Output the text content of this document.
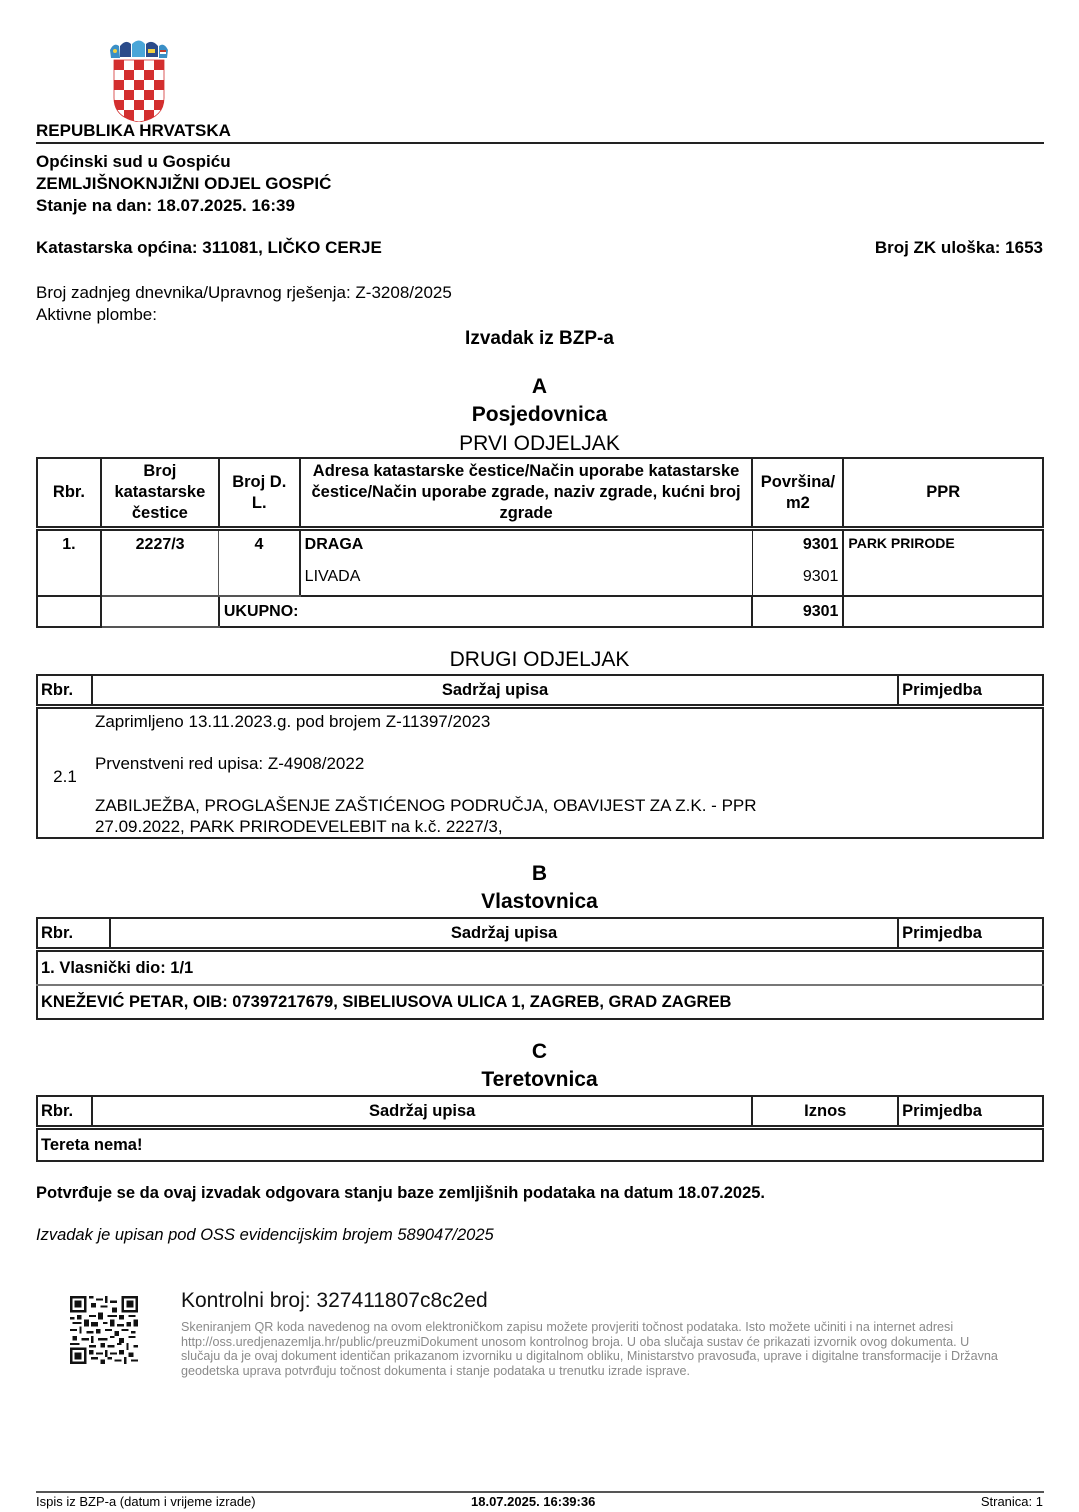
REPUBLIKA HRVATSKA
Općinski sud u Gospiću
ZEMLJIŠNOKNJIŽNI ODJEL GOSPIĆ
Stanje na dan: 18.07.2025. 16:39
Katastarska općina: 311081, LIČKO CERJE	Broj ZK uloška: 1653
Broj zadnjeg dnevnika/Upravnog rješenja: Z-3208/2025
Aktivne plombe:
Izvadak iz BZP-a
A
Posjedovnica
PRVI ODJELJAK
Rbr.	Broj katastarske čestice	Broj D. L.	Adresa katastarske čestice/Način uporabe katastarske čestice/Način uporabe zgrade, naziv zgrade, kućni broj zgrade	Površina/ m2	PPR
1.	2227/3	4	DRAGA	9301	PARK PRIRODE
			LIVADA	9301	
		UKUPNO:		9301	
DRUGI ODJELJAK
Rbr.	Sadržaj upisa	Primjedba
2.1	Zaprimljeno 13.11.2023.g. pod brojem Z-11397/2023
Prvenstveni red upisa: Z-4908/2022
ZABILJEŽBA, PROGLAŠENJE ZAŠTIĆENOG PODRUČJA, OBAVIJEST ZA Z.K. - PPR
27.09.2022, PARK PRIRODEVELEBIT na k.č. 2227/3,	

B
Vlastovnica
Rbr.	Sadržaj upisa	Primjedba
1. Vlasnički dio: 1/1
KNEŽEVIĆ PETAR, OIB: 07397217679, SIBELIUSOVA ULICA 1, ZAGREB, GRAD ZAGREB
C
Teretovnica
Rbr.	Sadržaj upisa	Iznos	Primjedba
Tereta nema!
Potvrđuje se da ovaj izvadak odgovara stanju baze zemljišnih podataka na datum 18.07.2025.
Izvadak je upisan pod OSS evidencijskim brojem 589047/2025
Kontrolni broj: 327411807c8c2ed
Skeniranjem QR koda navedenog na ovom elektroničkom zapisu možete provjeriti točnost podataka. Isto možete učiniti i na internet adresi http://oss.uredjenazemlja.hr/public/preuzmiDokument unosom kontrolnog broja. U oba slučaja sustav će prikazati izvornik ovog dokumenta. U slučaju da je ovaj dokument identičan prikazanom izvorniku u digitalnom obliku, Ministarstvo pravosuđa, uprave i digitalne transformacije i Državna geodetska uprava potvrđuju točnost dokumenta i stanje podataka u trenutku izrade isprave.
Ispis iz BZP-a (datum i vrijeme izrade)	18.07.2025. 16:39:36	Stranica: 1
